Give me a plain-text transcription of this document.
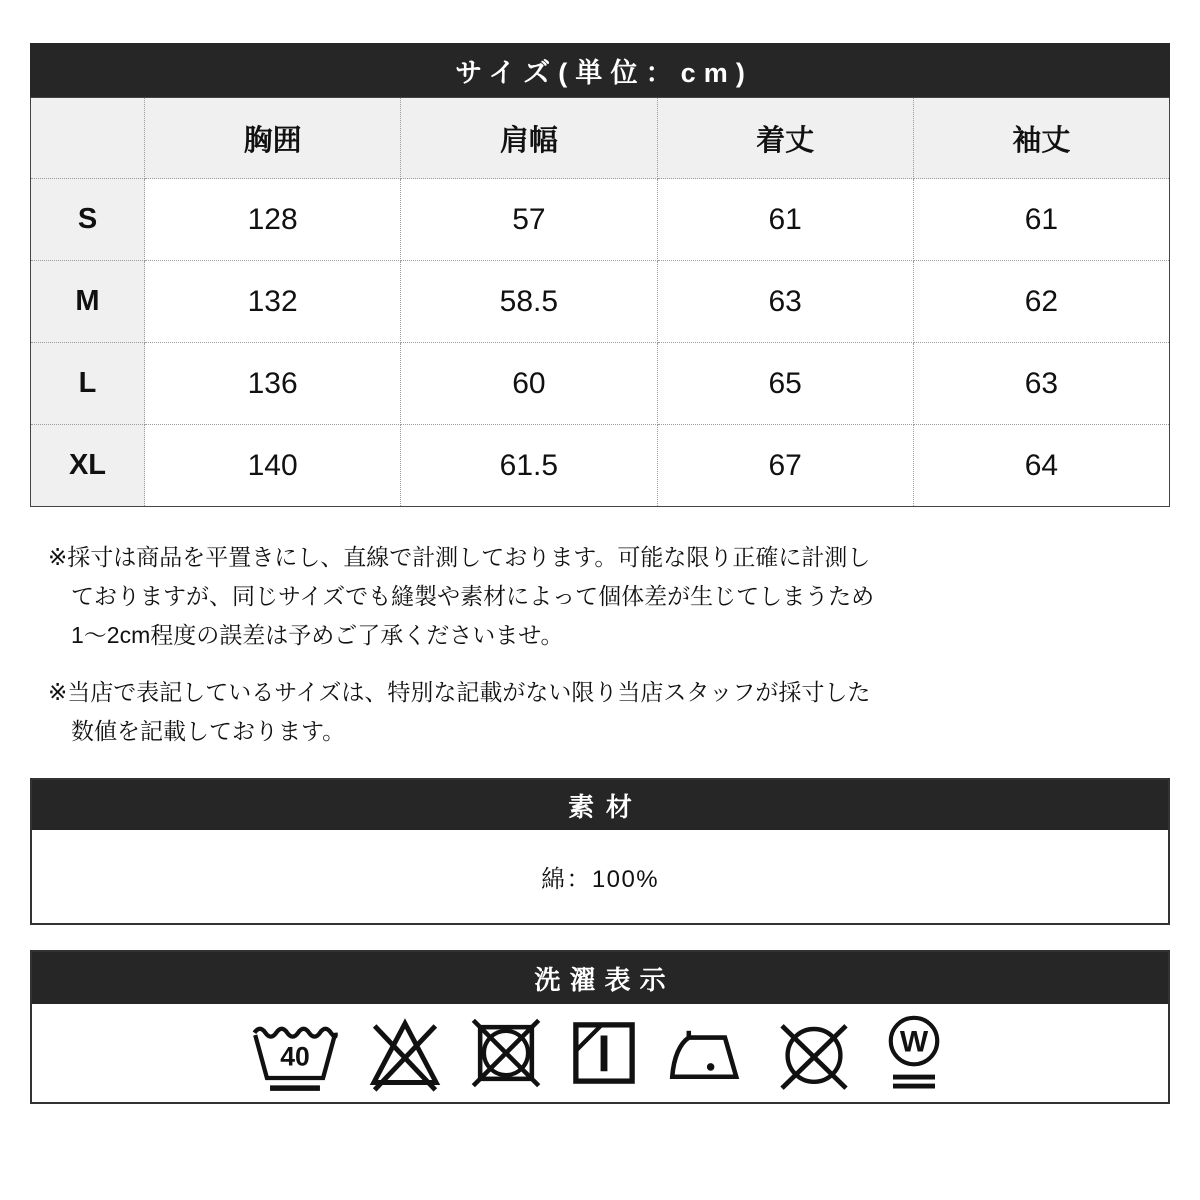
サイズ(単位：cm)
	胸囲	肩幅	着丈	袖丈
S	128	57	61	61
M	132	58.5	63	62
L	136	60	65	63
XL	140	61.5	67	64
※採寸は商品を平置きにし、直線で計測しております。可能な限り正確に計測し
ておりますが、同じサイズでも縫製や素材によって個体差が生じてしまうため
1〜2cm程度の誤差は予めご了承くださいませ。
※当店で表記しているサイズは、特別な記載がない限り当店スタッフが採寸した
数値を記載しております。
素材
綿：100%
洗濯表示
40	W
